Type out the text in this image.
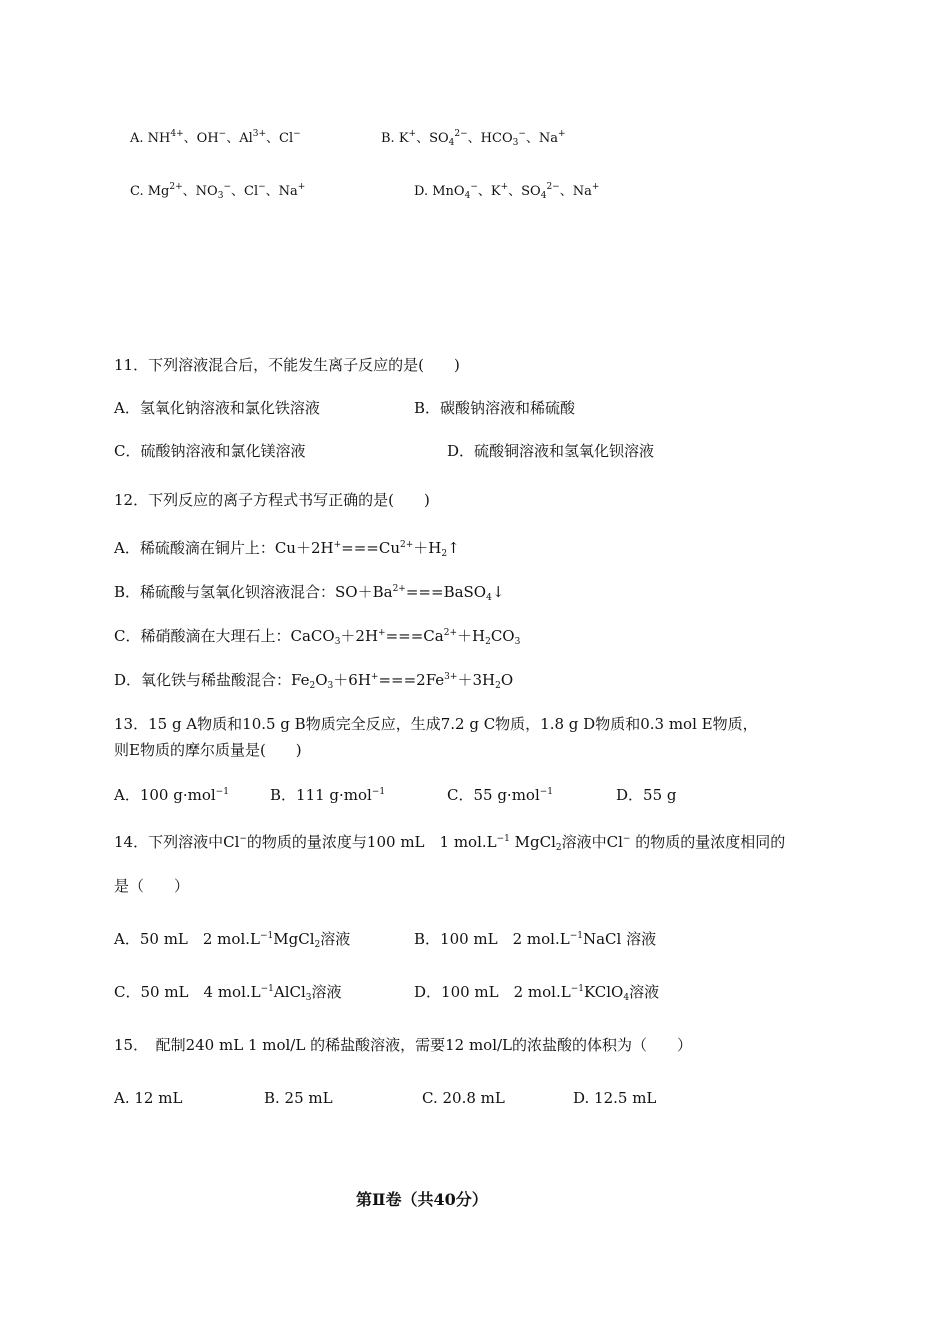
A. $NH^{4+}$、OH−、$Al^{3+}$、Cl−	B. K+、$SO_4^{2-}$、$HCO_3^-$、Na+
C. $Mg^{2+}$、$NO_3^-$、Cl−、Na+	D. MnO$_4$−、K+、$SO_4^{2-}$、Na+
11．下列溶液混合后，不能发生离子反应的是(　　)
A．氢氧化钠溶液和氯化铁溶液	B．碳酸钠溶液和稀硫酸
C．硫酸钠溶液和氯化镁溶液	D．硫酸铜溶液和氢氧化钡溶液
12．下列反应的离子方程式书写正确的是(　　)
A．稀硫酸滴在铜片上：$Cu+2H^+===Cu^{2+}+H_2↑$
B．稀硫酸与氢氧化钡溶液混合：$SO+Ba^{2+}===BaSO_4↓$
C．稀硝酸滴在大理石上：$CaCO_3+2H^+===Ca^{2+}+H_2CO_3$
D．氧化铁与稀盐酸混合：$Fe_2O_3+6H^+===2Fe^{3+}+3H_2O$
13．15 g A物质和10.5 g B物质完全反应，生成7.2 g C物质，1.8 g D物质和0.3 mol E物质，
则E物质的摩尔质量是(　　)
A．100 g·mol$^{-1}$	B．111 g·mol$^{-1}$	C．55 g·mol$^{-1}$	D．55 g
14．下列溶液中Cl−的物质的量浓度与100 mL　1 $mol.L^{-1}$ MgCl$_2$溶液中Cl− 的物质的量浓度相同的
是（　　）
A．50 mL　2 $mol.L^{-1}MgCl_2$溶液	B．100 mL　2 $mol.L^{-1}NaCl$ 溶液
C．50 mL　4 $mol.L^{-1}AlCl_3$溶液	D．100 mL　2 $mol.L^{-1}KClO_4$溶液
15．　配制240 mL 1 mol/L 的稀盐酸溶液，需要12 mol/L的浓盐酸的体积为（　　）
A. 12 mL	B. 25 mL	C. 20.8 mL	D. 12.5 mL
第Ⅱ卷（共40分）
